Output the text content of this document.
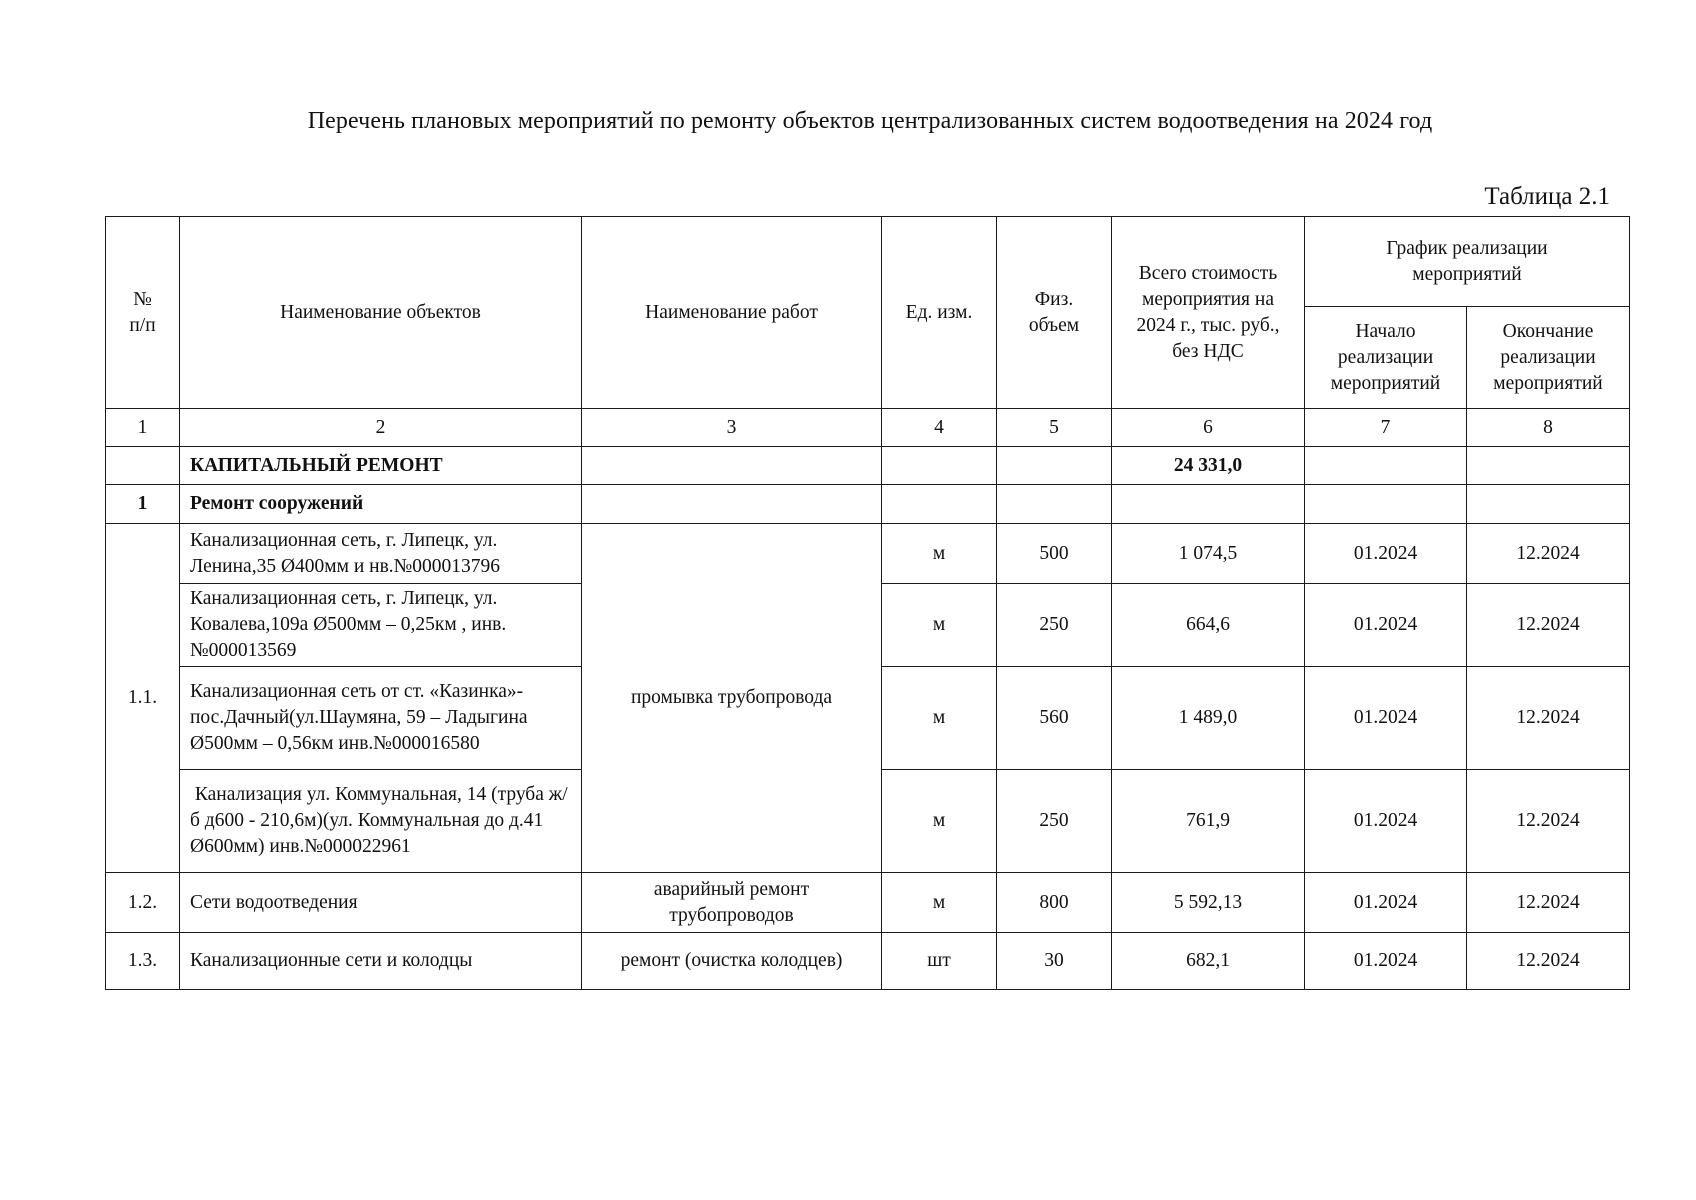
Перечень плановых мероприятий по ремонту объектов централизованных систем водоотведения на 2024 год
Таблица 2.1
№
п/п	Наименование объектов	Наименование работ	Ед. изм.	Физ. объем	Всего стоимость мероприятия на 2024 г., тыс. руб., без НДС	График реализации мероприятий	
						Начало реализации мероприятий	Окончание реализации мероприятий
1	2	3	4	5	6	7	8
	КАПИТАЛЬНЫЙ РЕМОНТ				24 331,0		
1	Ремонт сооружений						
1.1.	Канализационная сеть, г. Липецк, ул. Ленина,35 Ø400мм и нв.№000013796	промывка трубопровода	м	500	1 074,5	01.2024	12.2024
	Канализационная сеть, г. Липецк, ул. Ковалева,109а Ø500мм – 0,25км , инв.№000013569		м	250	664,6	01.2024	12.2024
	Канализационная сеть от ст. «Казинка»-пос.Дачный(ул.Шаумяна, 59 – Ладыгина Ø500мм – 0,56км инв.№000016580		м	560	1 489,0	01.2024	12.2024
	Канализация ул. Коммунальная, 14 (труба ж/б д600 - 210,6м)(ул. Коммунальная до д.41 Ø600мм) инв.№000022961		м	250	761,9	01.2024	12.2024
1.2.	Сети водоотведения	аварийный ремонт трубопроводов	м	800	5 592,13	01.2024	12.2024
1.3.	Канализационные сети и колодцы	ремонт (очистка колодцев)	шт	30	682,1	01.2024	12.2024
